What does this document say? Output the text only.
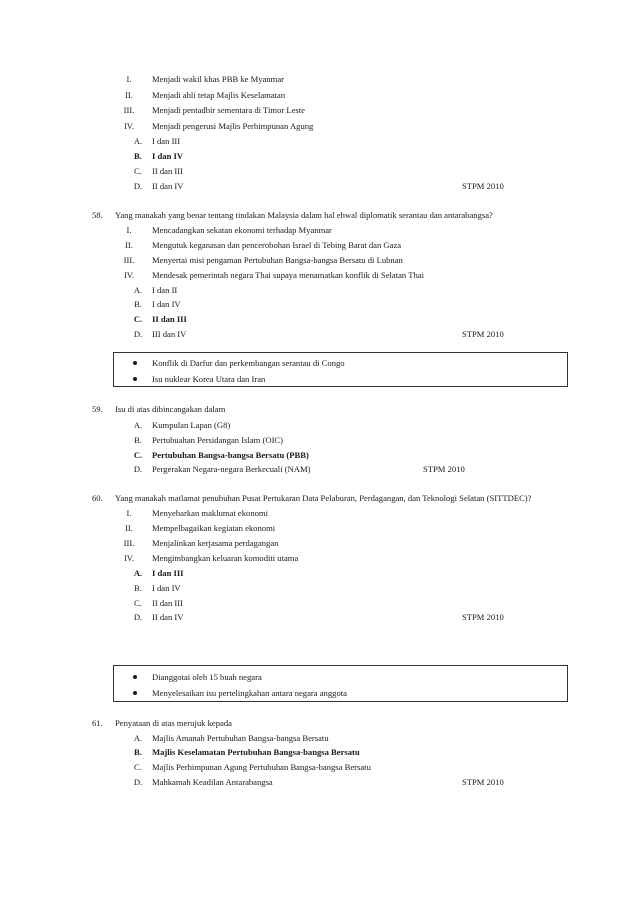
I.	Menjadi wakil khas PBB ke Myanmar
II.	Menjadi ahli tetap Majlis Keselamatan
III.	Menjadi pentadbir sementara di Timor Leste
IV.	Menjadi pengerusi Majlis Perhimpunan Agung
A.	I dan III
B.	I dan IV
C.	II dan III
D.	II dan IV	STPM 2010
58. Yang manakah yang benar tentang tindakan Malaysia dalam hal ehwal diplomatik serantau dan antarabangsa?
I.	Mencadangkan sekatan ekonomi terhadap Myanmar
II.	Mengutuk keganasan dan pencerobohan Israel di Tebing Barat dan Gaza
III.	Menyertai misi pengaman Pertubuhan Bangsa-bangsa Bersatu di Lubnan
IV.	Mendesak pemerintah negara Thai supaya menamatkan konflik di Selatan Thai
A.	I dan II
B.	I dan IV
C.	II dan III
D.	III dan IV	STPM 2010
Konflik di Darfur dan perkembangan serantau di Congo
Isu nuklear Korea Utara dan Iran
59. Isu di atas dibincangakan dalam
A.	Kumpulan Lapan (G8)
B.	Pertubuahan Persidangan Islam (OIC)
C.	Pertubuhan Bangsa-bangsa Bersatu (PBB)
D.	Pergerakan Negara-negara Berkecuali (NAM)	STPM 2010
60. Yang manakah matlamat penubuhan Pusat Pertukaran Data Pelaburan, Perdagangan, dan Teknologi Selatan (SITTDEC)?
I.	Menyebarkan maklumat ekonomi
II.	Mempelbagaikan kegiatan ekonomi
III.	Menjalinkan kerjasama perdagangan
IV.	Mengimbangkan keluaran komoditi utama
A.	I dan III
B.	I dan IV
C.	II dan III
D.	II dan IV	STPM 2010
Dianggotai oleh 15 buah negara
Menyelesaikan isu pertelingkahan antara negara anggota
61. Penyataan di atas merujuk kepada
A.	Majlis Amanah Pertubuhan Bangsa-bangsa Bersatu
B.	Majlis Keselamatan Pertubuhan Bangsa-bangsa Bersatu
C.	Majlis Perhimpunan Agung Pertubuhan Bangsa-bangsa Bersatu
D.	Mahkamah Keadilan Antarabangsa	STPM 2010
